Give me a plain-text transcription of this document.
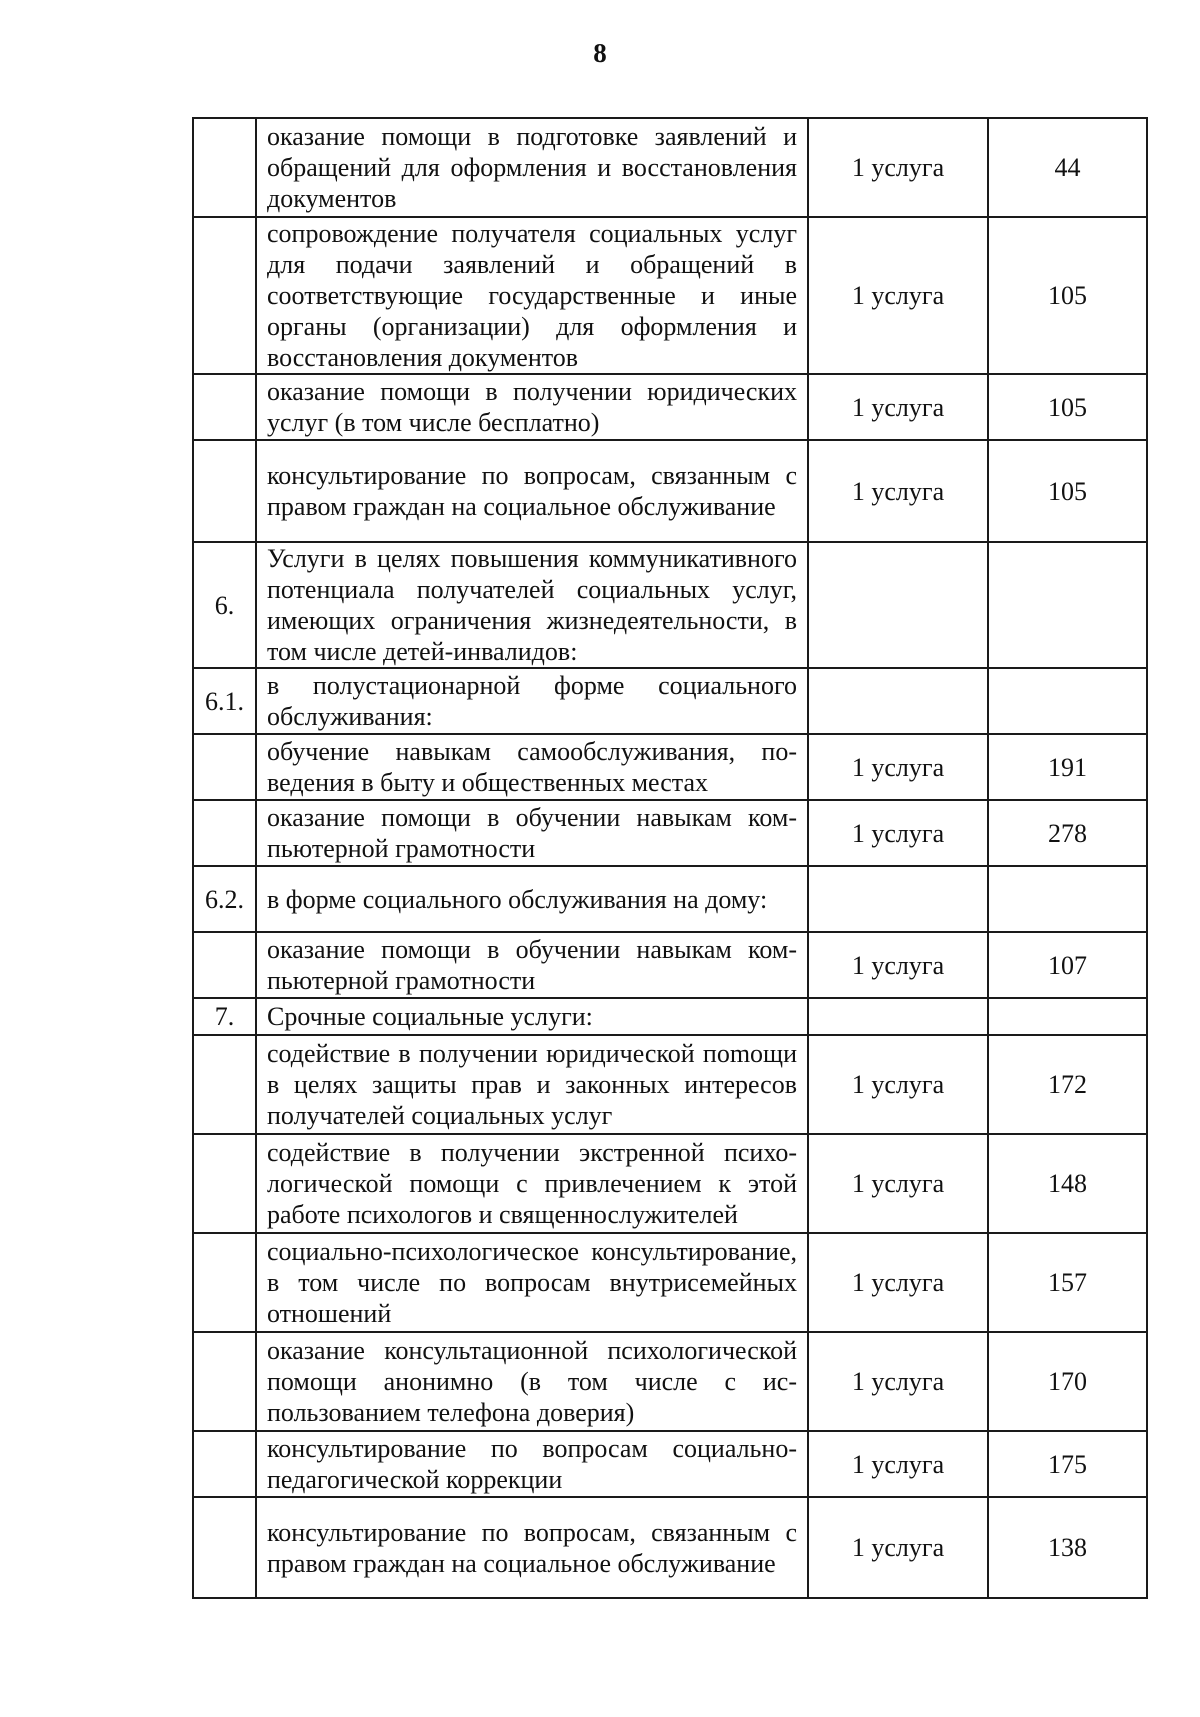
8
	оказание помощи в подготовке заявлений и обращений для оформления и восстановления документов	1 услуга	44
	сопровождение получателя социальных услуг для подачи заявлений и обращений в соответствующие государственные и иные органы (организации) для оформления и восстановления документов	1 услуга	105
	оказание помощи в получении юридических услуг (в том числе бесплатно)	1 услуга	105
	консультирование по вопросам, связанным с правом граждан на социальное обслуживание	1 услуга	105
6.	Услуги в целях повышения коммуникативного потенциала получателей социальных услуг, имеющих ограничения жизнедеятельности, в том числе детей-инвалидов:		
6.1.	в полустационарной форме социального обслуживания:		
	обучение навыкам самообслуживания, поведения в быту и общественных местах	1 услуга	191
	оказание помощи в обучении навыкам компьютерной грамотности	1 услуга	278
6.2.	в форме социального обслуживания на дому:		
	оказание помощи в обучении навыкам компьютерной грамотности	1 услуга	107
7.	Срочные социальные услуги:		
	содействие в получении юридической поmощи в целях защиты прав и законных интересов получателей социальных услуг	1 услуга	172
	содействие в получении экстренной психологической помощи с привлечением к этой работе психологов и священнослужителей	1 услуга	148
	социально-психологическое консультирование, в том числе по вопросам внутрисемейных отношений	1 услуга	157
	оказание консультационной психологической помощи анонимно (в том числе с использованием телефона доверия)	1 услуга	170
	консультирование по вопросам социально-педагогической коррекции	1 услуга	175
	консультирование по вопросам, связанным с правом граждан на социальное обслуживание	1 услуга	138
